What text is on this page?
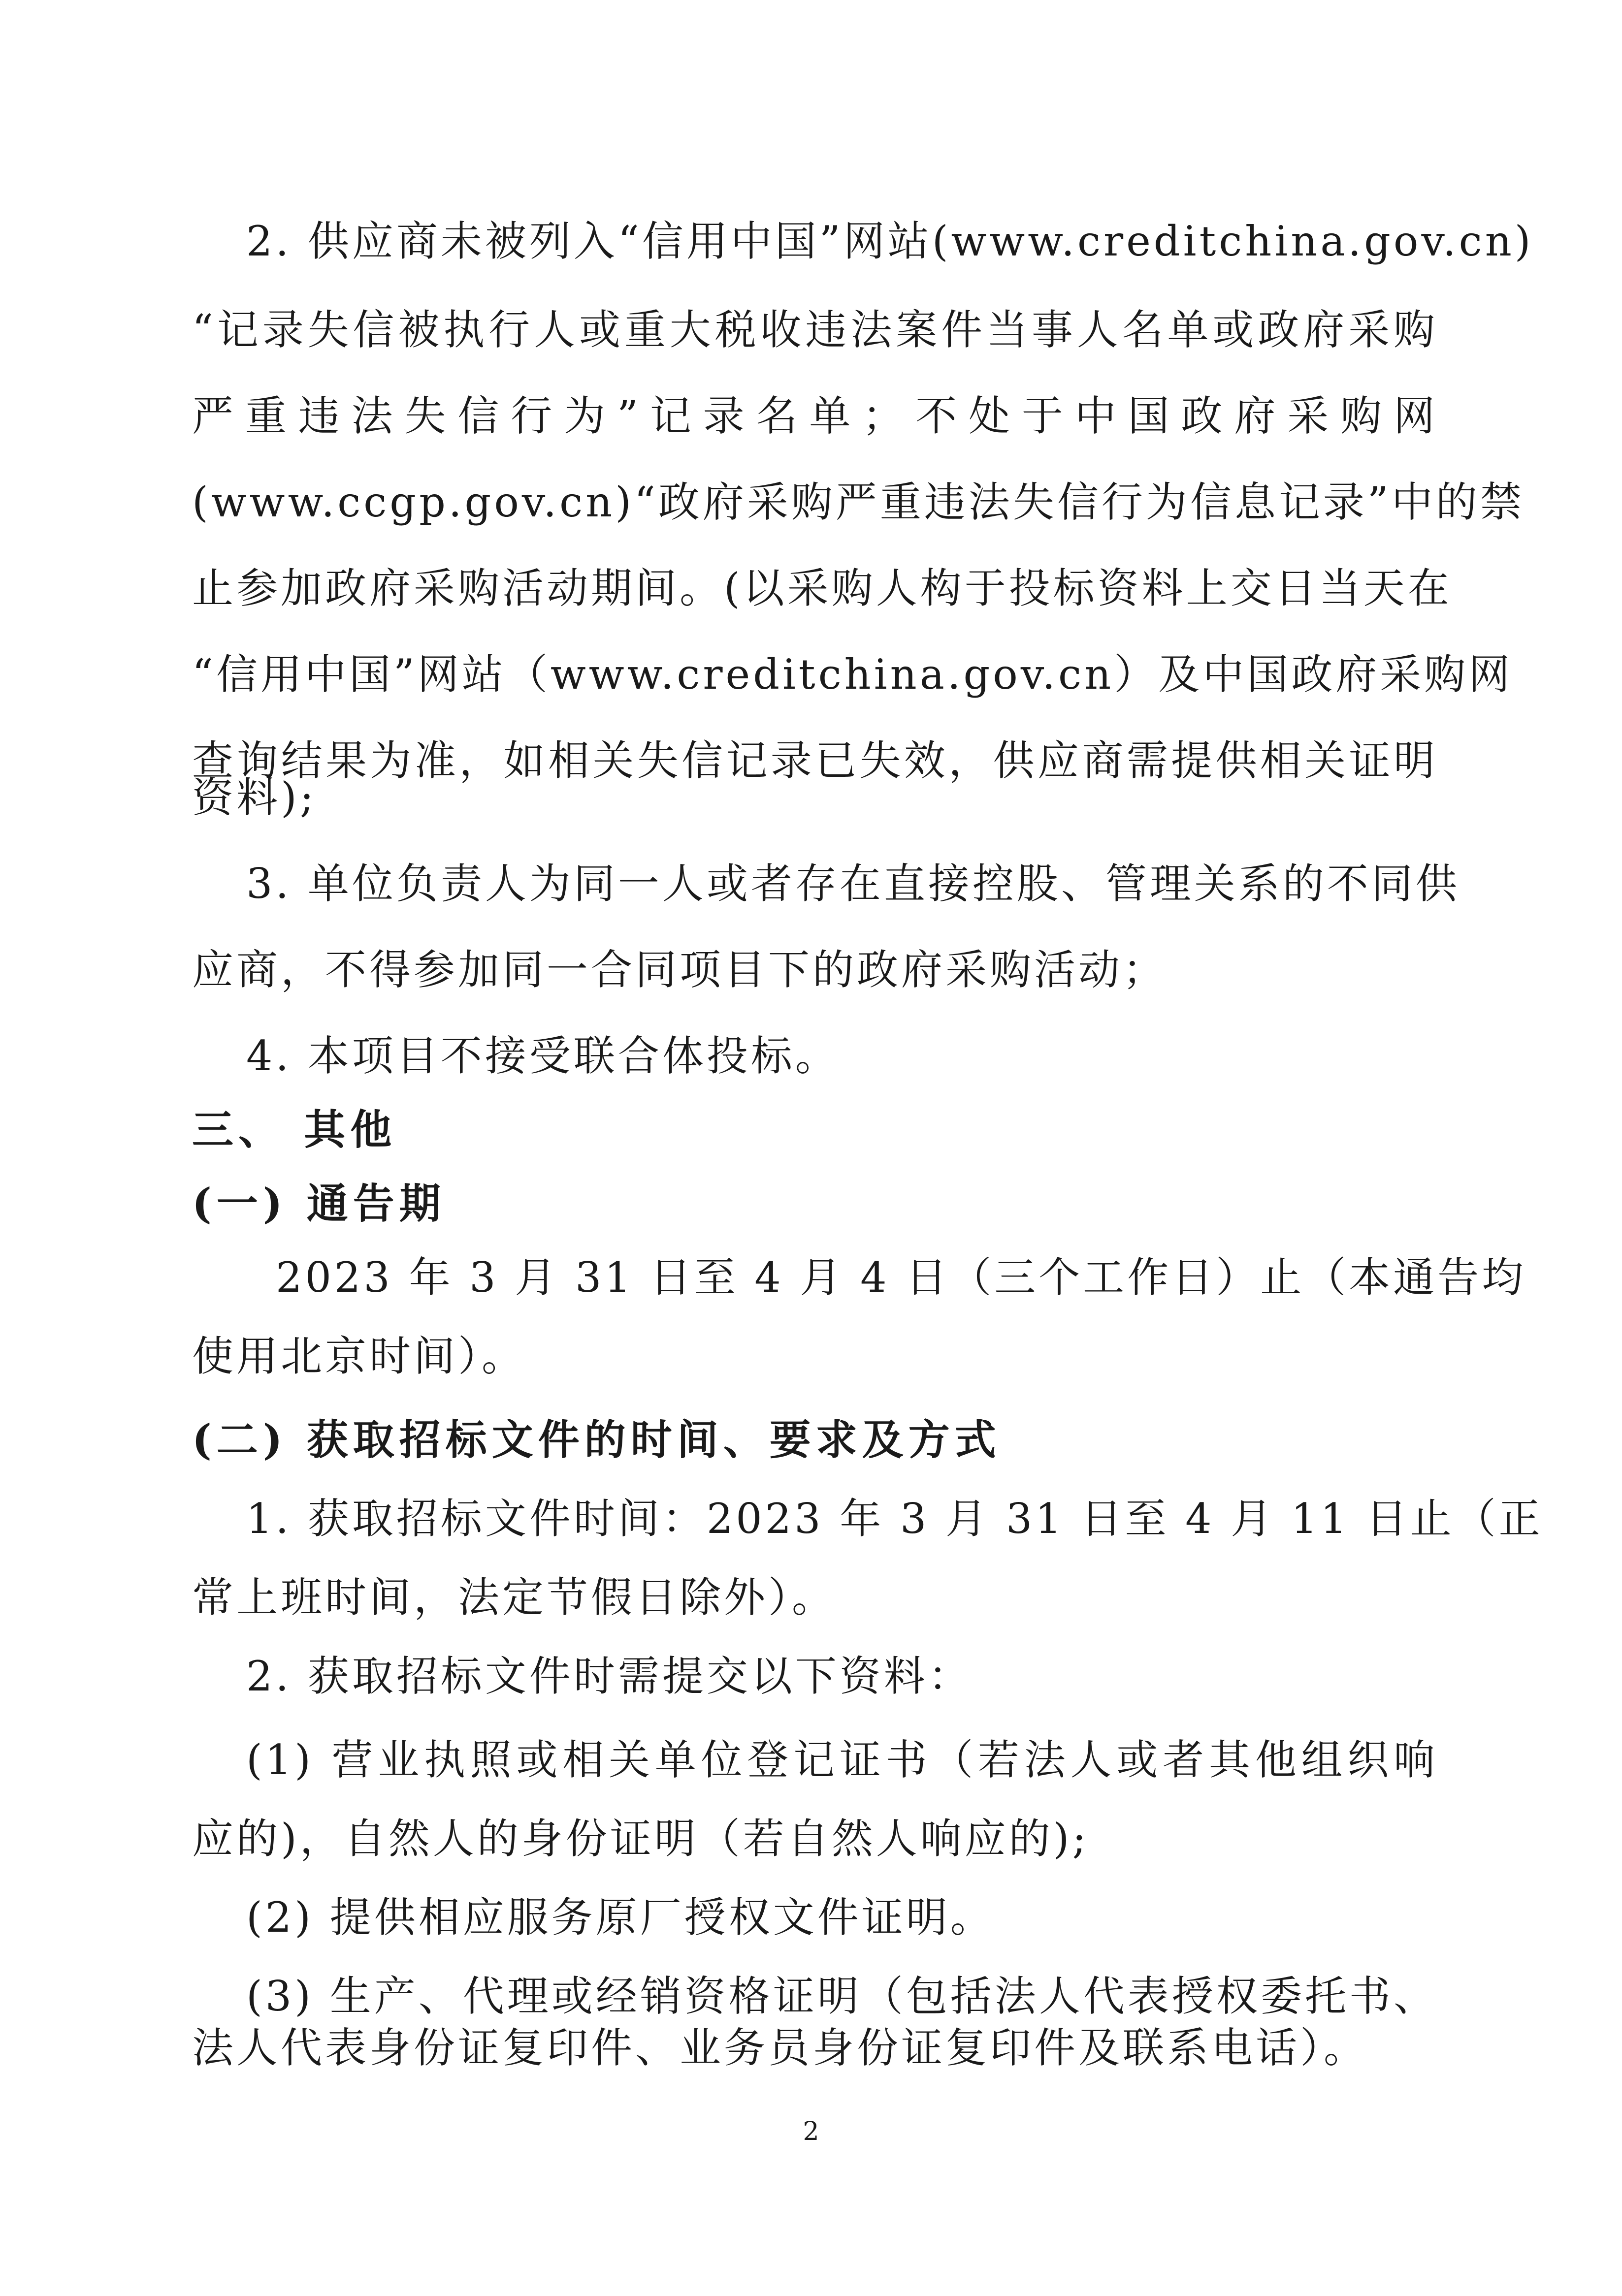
2. 供应商未被列入“信用中国”网站(www.creditchina.gov.cn)
“记录失信被执行人或重大税收违法案件当事人名单或政府采购
严重违法失信行为”记录名单；不处于中国政府采购网
(www.ccgp.gov.cn)“政府采购严重违法失信行为信息记录”中的禁
止参加政府采购活动期间。(以采购人构于投标资料上交日当天在
“信用中国”网站（www.creditchina.gov.cn）及中国政府采购网
查询结果为准，如相关失信记录已失效，供应商需提供相关证明
资料);
3. 单位负责人为同一人或者存在直接控股、管理关系的不同供
应商，不得参加同一合同项目下的政府采购活动；
4. 本项目不接受联合体投标。
三、 其他
(一) 通告期
2023 年 3 月 31 日至 4 月 4 日（三个工作日）止（本通告均
使用北京时间）。
(二) 获取招标文件的时间、要求及方式
1. 获取招标文件时间：2023 年 3 月 31 日至 4 月 11 日止（正
常上班时间，法定节假日除外）。
2. 获取招标文件时需提交以下资料：
(1) 营业执照或相关单位登记证书（若法人或者其他组织响
应的)，自然人的身份证明（若自然人响应的);
(2) 提供相应服务原厂授权文件证明。
(3) 生产、代理或经销资格证明（包括法人代表授权委托书、
法人代表身份证复印件、业务员身份证复印件及联系电话）。
2
